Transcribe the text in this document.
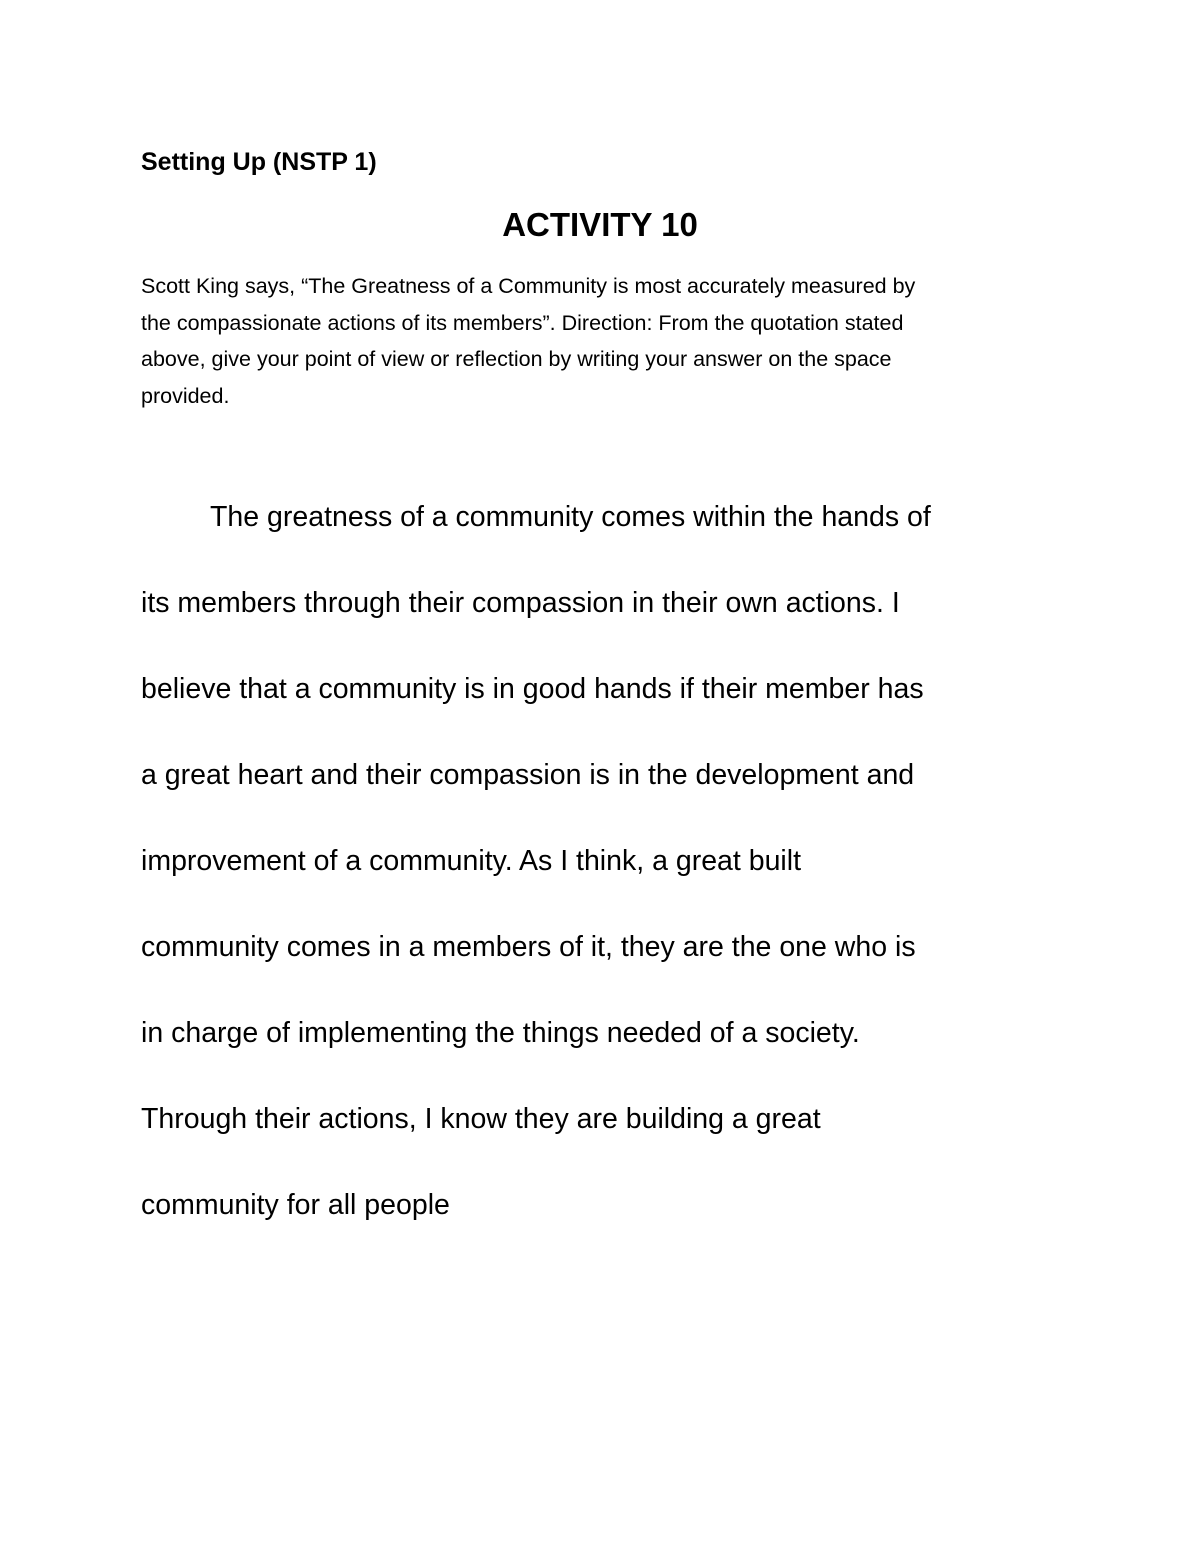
Setting Up (NSTP 1)
ACTIVITY 10
Scott King says, “The Greatness of a Community is most accurately measured by
the compassionate actions of its members”. Direction: From the quotation stated
above, give your point of view or reflection by writing your answer on the space
provided.
The greatness of a community comes within the hands of
its members through their compassion in their own actions. I
believe that a community is in good hands if their member has
a great heart and their compassion is in the development and
improvement of a community. As I think, a great built
community comes in a members of it, they are the one who is
in charge of implementing the things needed of a society.
Through their actions, I know they are building a great
community for all people
